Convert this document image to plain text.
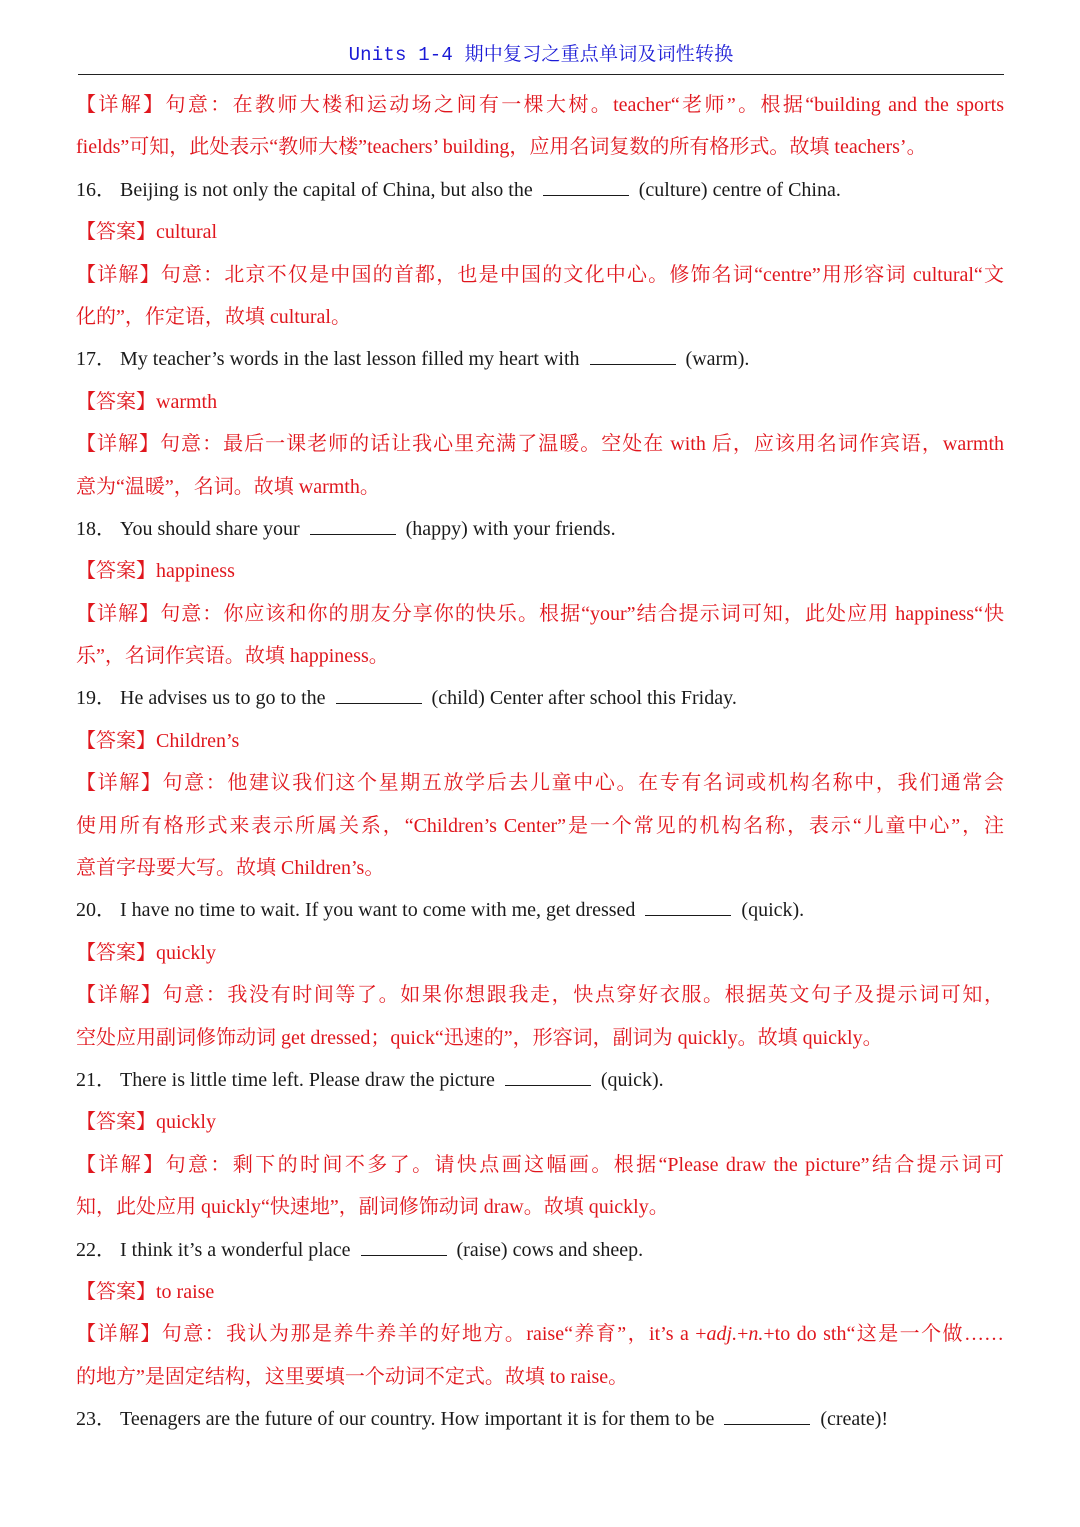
Units 1-4 期中复习之重点单词及词性转换
【详解】句意：在教师大楼和运动场之间有一棵大树。teacher“老师”。根据“building and the sports
fields”可知，此处表示“教师大楼”teachers’ building，应用名词复数的所有格形式。故填 teachers’。
16． Beijing is not only the capital of China, but also the	(culture) centre of China.
【答案】cultural
【详解】句意：北京不仅是中国的首都，也是中国的文化中心。修饰名词“centre”用形容词 cultural“文
化的”，作定语，故填 cultural。
17． My teacher’s words in the last lesson filled my heart with	(warm).
【答案】warmth
【详解】句意：最后一课老师的话让我心里充满了温暖。空处在 with 后，应该用名词作宾语，warmth
意为“温暖”，名词。故填 warmth。
18． You should share your	(happy) with your friends.
【答案】happiness
【详解】句意：你应该和你的朋友分享你的快乐。根据“your”结合提示词可知，此处应用 happiness“快
乐”，名词作宾语。故填 happiness。
19． He advises us to go to the	(child) Center after school this Friday.
【答案】Children’s
【详解】句意：他建议我们这个星期五放学后去儿童中心。在专有名词或机构名称中，我们通常会
使用所有格形式来表示所属关系，“Children’s Center”是一个常见的机构名称，表示“儿童中心”，注
意首字母要大写。故填 Children’s。
20． I have no time to wait. If you want to come with me, get dressed	(quick).
【答案】quickly
【详解】句意：我没有时间等了。如果你想跟我走，快点穿好衣服。根据英文句子及提示词可知，
空处应用副词修饰动词 get dressed；quick“迅速的”，形容词，副词为 quickly。故填 quickly。
21． There is little time left. Please draw the picture	(quick).
【答案】quickly
【详解】句意：剩下的时间不多了。请快点画这幅画。根据“Please draw the picture”结合提示词可
知，此处应用 quickly“快速地”，副词修饰动词 draw。故填 quickly。
22． I think it’s a wonderful place	(raise) cows and sheep.
【答案】to raise
【详解】句意：我认为那是养牛养羊的好地方。raise“养育”，it’s a +adj.+n.+to do sth“这是一个做……
的地方”是固定结构，这里要填一个动词不定式。故填 to raise。
23． Teenagers are the future of our country. How important it is for them to be	(create)!
